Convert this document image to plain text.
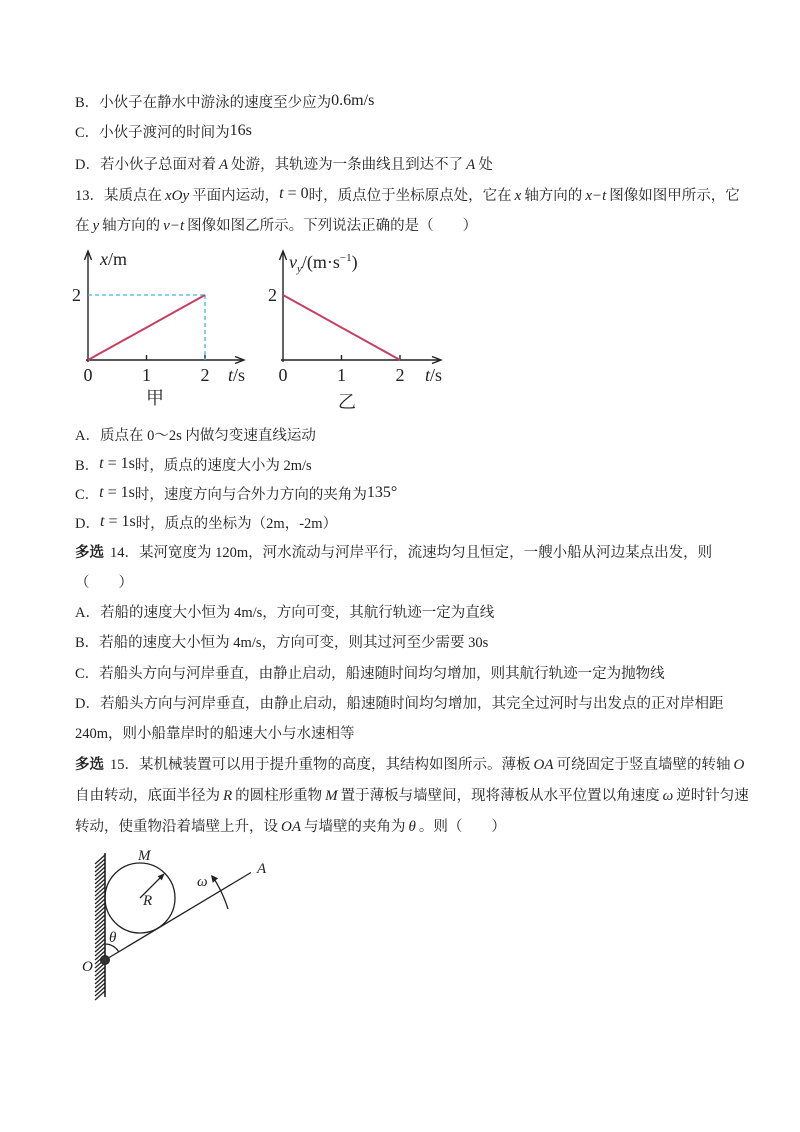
B．小伙子在静水中游泳的速度至少应为0.6m/s
C．小伙子渡河的时间为16s
D．若小伙子总面对着 A 处游，其轨迹为一条曲线且到达不了 A 处
13．某质点在 xOy 平面内运动，t = 0时，质点位于坐标原点处，它在 x 轴方向的 x−t 图像如图甲所示，它
在 y 轴方向的 v−t 图像如图乙所示。下列说法正确的是（　　）
x/m
2
0	1	2 t/s
甲
$v_y/(m\cdot s^{-1})$
2
0	1	2 t/s
乙
A．质点在 0～2s 内做匀变速直线运动
B．t = 1s时，质点的速度大小为 2m/s
C．t = 1s时，速度方向与合外力方向的夹角为135°
D．t = 1s时，质点的坐标为（2m，-2m）
多选 14．某河宽度为 120m，河水流动与河岸平行，流速均匀且恒定，一艘小船从河边某点出发，则
（　　）
A．若船的速度大小恒为 4m/s，方向可变，其航行轨迹一定为直线
B．若船的速度大小恒为 4m/s，方向可变，则其过河至少需要 30s
C．若船头方向与河岸垂直，由静止启动，船速随时间均匀增加，则其航行轨迹一定为抛物线
D．若船头方向与河岸垂直，由静止启动，船速随时间均匀增加，其完全过河时与出发点的正对岸相距
240m，则小船靠岸时的船速大小与水速相等
多选 15．某机械装置可以用于提升重物的高度，其结构如图所示。薄板 OA 可绕固定于竖直墙壁的转轴 O
自由转动，底面半径为 R 的圆柱形重物 M 置于薄板与墙壁间，现将薄板从水平位置以角速度 ω 逆时针匀速
转动，使重物沿着墙壁上升，设 OA 与墙壁的夹角为 θ 。则（　　）
M
R
A
O
θ
ω
